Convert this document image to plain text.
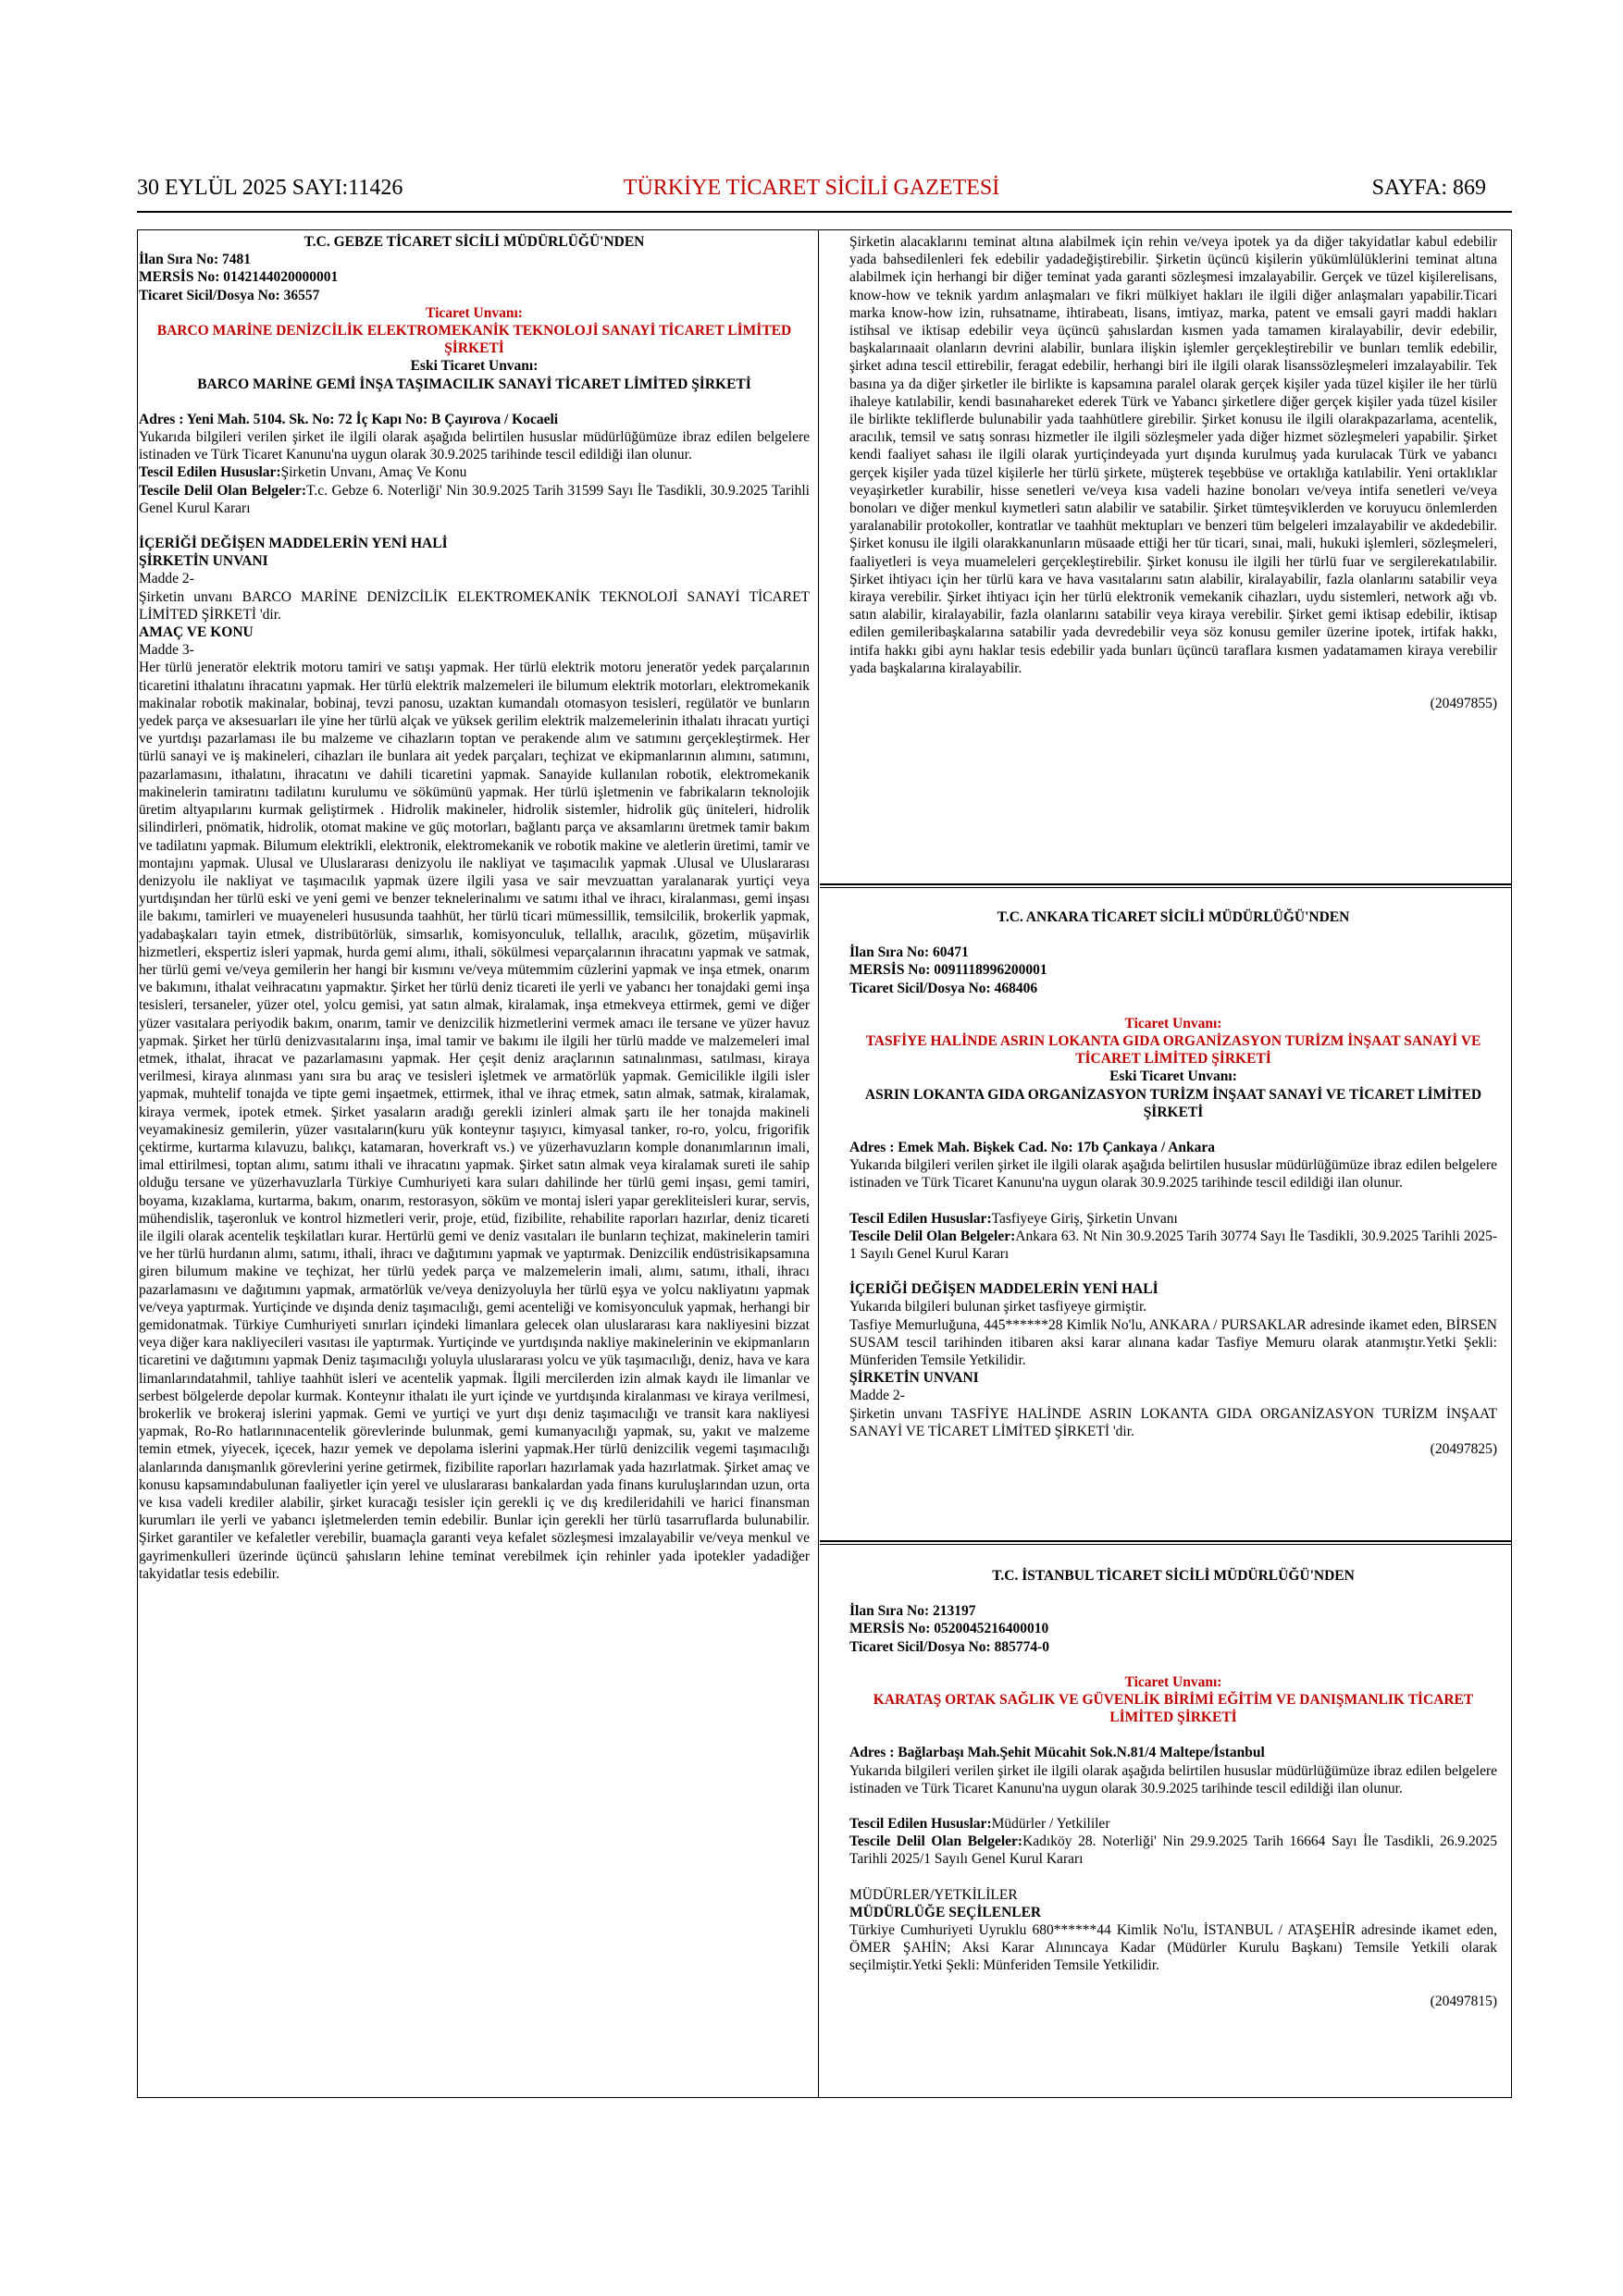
30 EYLÜL 2025 SAYI:11426	TÜRKİYE TİCARET SİCİLİ GAZETESİ	SAYFA: 869

T.C. GEBZE TİCARET SİCİLİ MÜDÜRLÜĞÜ'NDEN

İlan Sıra No: 7481

MERSİS No: 0142144020000001

Ticaret Sicil/Dosya No: 36557

Ticaret Unvanı:

BARCO MARİNE DENİZCİLİK ELEKTROMEKANİK TEKNOLOJİ SANAYİ TİCARET LİMİTED ŞİRKETİ

Eski Ticaret Unvanı:

BARCO MARİNE GEMİ İNŞA TAŞIMACILIK SANAYİ TİCARET LİMİTED ŞİRKETİ

Adres : Yeni Mah. 5104. Sk. No: 72 İç Kapı No: B Çayırova / Kocaeli

Yukarıda bilgileri verilen şirket ile ilgili olarak aşağıda belirtilen hususlar müdürlüğümüze ibraz edilen belgelere istinaden ve Türk Ticaret Kanunu'na uygun olarak 30.9.2025 tarihinde tescil edildiği ilan olunur.

Tescil Edilen Hususlar:Şirketin Unvanı, Amaç Ve Konu

Tescile Delil Olan Belgeler:T.c. Gebze 6. Noterliği' Nin 30.9.2025 Tarih 31599 Sayı İle Tasdikli, 30.9.2025 Tarihli Genel Kurul Kararı

İÇERİĞİ DEĞİŞEN MADDELERİN YENİ HALİ

ŞİRKETİN UNVANI

Madde 2-

Şirketin unvanı BARCO MARİNE DENİZCİLİK ELEKTROMEKANİK TEKNOLOJİ SANAYİ TİCARET LİMİTED ŞİRKETİ 'dir.

AMAÇ VE KONU

Madde 3-

Her türlü jeneratör elektrik motoru tamiri ve satışı yapmak. Her türlü elektrik motoru jeneratör yedek parçalarının ticaretini ithalatını ihracatını yapmak. Her türlü elektrik malzemeleri ile bilumum elektrik motorları, elektromekanik makinalar robotik makinalar, bobinaj, tevzi panosu, uzaktan kumandalı otomasyon tesisleri, regülatör ve bunların yedek parça ve aksesuarları ile yine her türlü alçak ve yüksek gerilim elektrik malzemelerinin ithalatı ihracatı yurtiçi ve yurtdışı pazarlaması ile bu malzeme ve cihazların toptan ve perakende alım ve satımını gerçekleştirmek. Her türlü sanayi ve iş makineleri, cihazları ile bunlara ait yedek parçaları, teçhizat ve ekipmanlarının alımını, satımını, pazarlamasını, ithalatını, ihracatını ve dahili ticaretini yapmak. Sanayide kullanılan robotik, elektromekanik makinelerin tamiratını tadilatını kurulumu ve sökümünü yapmak. Her türlü işletmenin ve fabrikaların teknolojik üretim altyapılarını kurmak geliştirmek . Hidrolik makineler, hidrolik sistemler, hidrolik güç üniteleri, hidrolik silindirleri, pnömatik, hidrolik, otomat makine ve güç motorları, bağlantı parça ve aksamlarını üretmek tamir bakım ve tadilatını yapmak. Bilumum elektrikli, elektronik, elektromekanik ve robotik makine ve aletlerin üretimi, tamir ve montajını yapmak. Ulusal ve Uluslararası denizyolu ile nakliyat ve taşımacılık yapmak .Ulusal ve Uluslararası denizyolu ile nakliyat ve taşımacılık yapmak üzere ilgili yasa ve sair mevzuattan yaralanarak yurtiçi veya yurtdışından her türlü eski ve yeni gemi ve benzer teknelerinalımı ve satımı ithal ve ihracı, kiralanması, gemi inşası ile bakımı, tamirleri ve muayeneleri hususunda taahhüt, her türlü ticari mümessillik, temsilcilik, brokerlik yapmak, yadabaşkaları tayin etmek, distribütörlük, simsarlık, komisyonculuk, tellallık, aracılık, gözetim, müşavirlik hizmetleri, ekspertiz isleri yapmak, hurda gemi alımı, ithali, sökülmesi veparçalarının ihracatını yapmak ve satmak, her türlü gemi ve/veya gemilerin her hangi bir kısmını ve/veya mütemmim cüzlerini yapmak ve inşa etmek, onarım ve bakımını, ithalat veihracatını yapmaktır. Şirket her türlü deniz ticareti ile yerli ve yabancı her tonajdaki gemi inşa tesisleri, tersaneler, yüzer otel, yolcu gemisi, yat satın almak, kiralamak, inşa etmekveya ettirmek, gemi ve diğer yüzer vasıtalara periyodik bakım, onarım, tamir ve denizcilik hizmetlerini vermek amacı ile tersane ve yüzer havuz yapmak. Şirket her türlü denizvasıtalarını inşa, imal tamir ve bakımı ile ilgili her türlü madde ve malzemeleri imal etmek, ithalat, ihracat ve pazarlamasını yapmak. Her çeşit deniz araçlarının satınalınması, satılması, kiraya verilmesi, kiraya alınması yanı sıra bu araç ve tesisleri işletmek ve armatörlük yapmak. Gemicilikle ilgili isler yapmak, muhtelif tonajda ve tipte gemi inşaetmek, ettirmek, ithal ve ihraç etmek, satın almak, satmak, kiralamak, kiraya vermek, ipotek etmek. Şirket yasaların aradığı gerekli izinleri almak şartı ile her tonajda makineli veyamakinesiz gemilerin, yüzer vasıtaların(kuru yük konteynır taşıyıcı, kimyasal tanker, ro-ro, yolcu, frigorifik çektirme, kurtarma kılavuzu, balıkçı, katamaran, hoverkraft vs.) ve yüzerhavuzların komple donanımlarının imali, imal ettirilmesi, toptan alımı, satımı ithali ve ihracatını yapmak. Şirket satın almak veya kiralamak sureti ile sahip olduğu tersane ve yüzerhavuzlarla Türkiye Cumhuriyeti kara suları dahilinde her türlü gemi inşası, gemi tamiri, boyama, kızaklama, kurtarma, bakım, onarım, restorasyon, söküm ve montaj isleri yapar gerekliteisleri kurar, servis, mühendislik, taşeronluk ve kontrol hizmetleri verir, proje, etüd, fizibilite, rehabilite raporları hazırlar, deniz ticareti ile ilgili olarak acentelik teşkilatları kurar. Hertürlü gemi ve deniz vasıtaları ile bunların teçhizat, makinelerin tamiri ve her türlü hurdanın alımı, satımı, ithali, ihracı ve dağıtımını yapmak ve yaptırmak. Denizcilik endüstrisikapsamına giren bilumum makine ve teçhizat, her türlü yedek parça ve malzemelerin imali, alımı, satımı, ithali, ihracı pazarlamasını ve dağıtımını yapmak, armatörlük ve/veya denizyoluyla her türlü eşya ve yolcu nakliyatını yapmak ve/veya yaptırmak. Yurtiçinde ve dışında deniz taşımacılığı, gemi acenteliği ve komisyonculuk yapmak, herhangi bir gemidonatmak. Türkiye Cumhuriyeti sınırları içindeki limanlara gelecek olan uluslararası kara nakliyesini bizzat veya diğer kara nakliyecileri vasıtası ile yaptırmak. Yurtiçinde ve yurtdışında nakliye makinelerinin ve ekipmanların ticaretini ve dağıtımını yapmak Deniz taşımacılığı yoluyla uluslararası yolcu ve yük taşımacılığı, deniz, hava ve kara limanlarındatahmil, tahliye taahhüt isleri ve acentelik yapmak. İlgili mercilerden izin almak kaydı ile limanlar ve serbest bölgelerde depolar kurmak. Konteynır ithalatı ile yurt içinde ve yurtdışında kiralanması ve kiraya verilmesi, brokerlik ve brokeraj islerini yapmak. Gemi ve yurtiçi ve yurt dışı deniz taşımacılığı ve transit kara nakliyesi yapmak, Ro-Ro hatlarınınacentelik görevlerinde bulunmak, gemi kumanyacılığı yapmak, su, yakıt ve malzeme temin etmek, yiyecek, içecek, hazır yemek ve depolama islerini yapmak.Her türlü denizcilik vegemi taşımacılığı alanlarında danışmanlık görevlerini yerine getirmek, fizibilite raporları hazırlamak yada hazırlatmak. Şirket amaç ve konusu kapsamındabulunan faaliyetler için yerel ve uluslararası bankalardan yada finans kuruluşlarından uzun, orta ve kısa vadeli krediler alabilir, şirket kuracağı tesisler için gerekli iç ve dış kredileridahili ve harici finansman kurumları ile yerli ve yabancı işletmelerden temin edebilir. Bunlar için gerekli her türlü tasarruflarda bulunabilir. Şirket garantiler ve kefaletler verebilir, buamaçla garanti veya kefalet sözleşmesi imzalayabilir ve/veya menkul ve gayrimenkulleri üzerinde üçüncü şahısların lehine teminat verebilmek için rehinler yada ipotekler yadadiğer takyidatlar tesis edebilir.

Şirketin alacaklarını teminat altına alabilmek için rehin ve/veya ipotek ya da diğer takyidatlar kabul edebilir yada bahsedilenleri fek edebilir yadadeğiştirebilir. Şirketin üçüncü kişilerin yükümlülüklerini teminat altına alabilmek için herhangi bir diğer teminat yada garanti sözleşmesi imzalayabilir. Gerçek ve tüzel kişilerelisans, know-how ve teknik yardım anlaşmaları ve fikri mülkiyet hakları ile ilgili diğer anlaşmaları yapabilir.Ticari marka know-how izin, ruhsatname, ihtirabeatı, lisans, imtiyaz, marka, patent ve emsali gayri maddi hakları istihsal ve iktisap edebilir veya üçüncü şahıslardan kısmen yada tamamen kiralayabilir, devir edebilir, başkalarınaait olanların devrini alabilir, bunlara ilişkin işlemler gerçekleştirebilir ve bunları temlik edebilir, şirket adına tescil ettirebilir, feragat edebilir, herhangi biri ile ilgili olarak lisanssözleşmeleri imzalayabilir. Tek basına ya da diğer şirketler ile birlikte is kapsamına paralel olarak gerçek kişiler yada tüzel kişiler ile her türlü ihaleye katılabilir, kendi basınahareket ederek Türk ve Yabancı şirketlere diğer gerçek kişiler yada tüzel kisiler ile birlikte tekliflerde bulunabilir yada taahhütlere girebilir. Şirket konusu ile ilgili olarakpazarlama, acentelik, aracılık, temsil ve satış sonrası hizmetler ile ilgili sözleşmeler yada diğer hizmet sözleşmeleri yapabilir. Şirket kendi faaliyet sahası ile ilgili olarak yurtiçindeyada yurt dışında kurulmuş yada kurulacak Türk ve yabancı gerçek kişiler yada tüzel kişilerle her türlü şirkete, müşterek teşebbüse ve ortaklığa katılabilir. Yeni ortaklıklar veyaşirketler kurabilir, hisse senetleri ve/veya kısa vadeli hazine bonoları ve/veya intifa senetleri ve/veya bonoları ve diğer menkul kıymetleri satın alabilir ve satabilir. Şirket tümteşviklerden ve koruyucu önlemlerden yaralanabilir protokoller, kontratlar ve taahhüt mektupları ve benzeri tüm belgeleri imzalayabilir ve akdedebilir. Şirket konusu ile ilgili olarakkanunların müsaade ettiği her tür ticari, sınai, mali, hukuki işlemleri, sözleşmeleri, faaliyetleri is veya muameleleri gerçekleştirebilir. Şirket konusu ile ilgili her türlü fuar ve sergilerekatılabilir. Şirket ihtiyacı için her türlü kara ve hava vasıtalarını satın alabilir, kiralayabilir, fazla olanlarını satabilir veya kiraya verebilir. Şirket ihtiyacı için her türlü elektronik vemekanik cihazları, uydu sistemleri, network ağı vb. satın alabilir, kiralayabilir, fazla olanlarını satabilir veya kiraya verebilir. Şirket gemi iktisap edebilir, iktisap edilen gemileribaşkalarına satabilir yada devredebilir veya söz konusu gemiler üzerine ipotek, irtifak hakkı, intifa hakkı gibi aynı haklar tesis edebilir yada bunları üçüncü taraflara kısmen yadatamamen kiraya verebilir yada başkalarına kiralayabilir.

(20497855)

T.C. ANKARA TİCARET SİCİLİ MÜDÜRLÜĞÜ'NDEN

İlan Sıra No: 60471

MERSİS No: 0091118996200001

Ticaret Sicil/Dosya No: 468406

Ticaret Unvanı:

TASFİYE HALİNDE ASRIN LOKANTA GIDA ORGANİZASYON TURİZM İNŞAAT SANAYİ VE TİCARET LİMİTED ŞİRKETİ

Eski Ticaret Unvanı:

ASRIN LOKANTA GIDA ORGANİZASYON TURİZM İNŞAAT SANAYİ VE TİCARET LİMİTED ŞİRKETİ

Adres : Emek Mah. Bişkek Cad. No: 17b Çankaya / Ankara

Yukarıda bilgileri verilen şirket ile ilgili olarak aşağıda belirtilen hususlar müdürlüğümüze ibraz edilen belgelere istinaden ve Türk Ticaret Kanunu'na uygun olarak 30.9.2025 tarihinde tescil edildiği ilan olunur.

Tescil Edilen Hususlar:Tasfiyeye Giriş, Şirketin Unvanı

Tescile Delil Olan Belgeler:Ankara 63. Nt Nin 30.9.2025 Tarih 30774 Sayı İle Tasdikli, 30.9.2025 Tarihli 2025-1 Sayılı Genel Kurul Kararı

İÇERİĞİ DEĞİŞEN MADDELERİN YENİ HALİ

Yukarıda bilgileri bulunan şirket tasfiyeye girmiştir.

Tasfiye Memurluğuna, 445******28 Kimlik No'lu, ANKARA / PURSAKLAR adresinde ikamet eden, BİRSEN SUSAM tescil tarihinden itibaren aksi karar alınana kadar Tasfiye Memuru olarak atanmıştır.Yetki Şekli: Münferiden Temsile Yetkilidir.

ŞİRKETİN UNVANI

Madde 2-

Şirketin unvanı TASFİYE HALİNDE ASRIN LOKANTA GIDA ORGANİZASYON TURİZM İNŞAAT SANAYİ VE TİCARET LİMİTED ŞİRKETİ 'dir.

(20497825)

T.C. İSTANBUL TİCARET SİCİLİ MÜDÜRLÜĞÜ'NDEN

İlan Sıra No: 213197

MERSİS No: 0520045216400010

Ticaret Sicil/Dosya No: 885774-0

Ticaret Unvanı:

KARATAŞ ORTAK SAĞLIK VE GÜVENLİK BİRİMİ EĞİTİM VE DANIŞMANLIK TİCARET LİMİTED ŞİRKETİ

Adres : Bağlarbaşı Mah.Şehit Mücahit Sok.N.81/4 Maltepe/İstanbul

Yukarıda bilgileri verilen şirket ile ilgili olarak aşağıda belirtilen hususlar müdürlüğümüze ibraz edilen belgelere istinaden ve Türk Ticaret Kanunu'na uygun olarak 30.9.2025 tarihinde tescil edildiği ilan olunur.

Tescil Edilen Hususlar:Müdürler / Yetkililer

Tescile Delil Olan Belgeler:Kadıköy 28. Noterliği' Nin 29.9.2025 Tarih 16664 Sayı İle Tasdikli, 26.9.2025 Tarihli 2025/1 Sayılı Genel Kurul Kararı

MÜDÜRLER/YETKİLİLER

MÜDÜRLÜĞE SEÇİLENLER

Türkiye Cumhuriyeti Uyruklu 680******44 Kimlik No'lu, İSTANBUL / ATAŞEHİR adresinde ikamet eden, ÖMER ŞAHİN; Aksi Karar Alınıncaya Kadar (Müdürler Kurulu Başkanı) Temsile Yetkili olarak seçilmiştir.Yetki Şekli: Münferiden Temsile Yetkilidir.

(20497815)
